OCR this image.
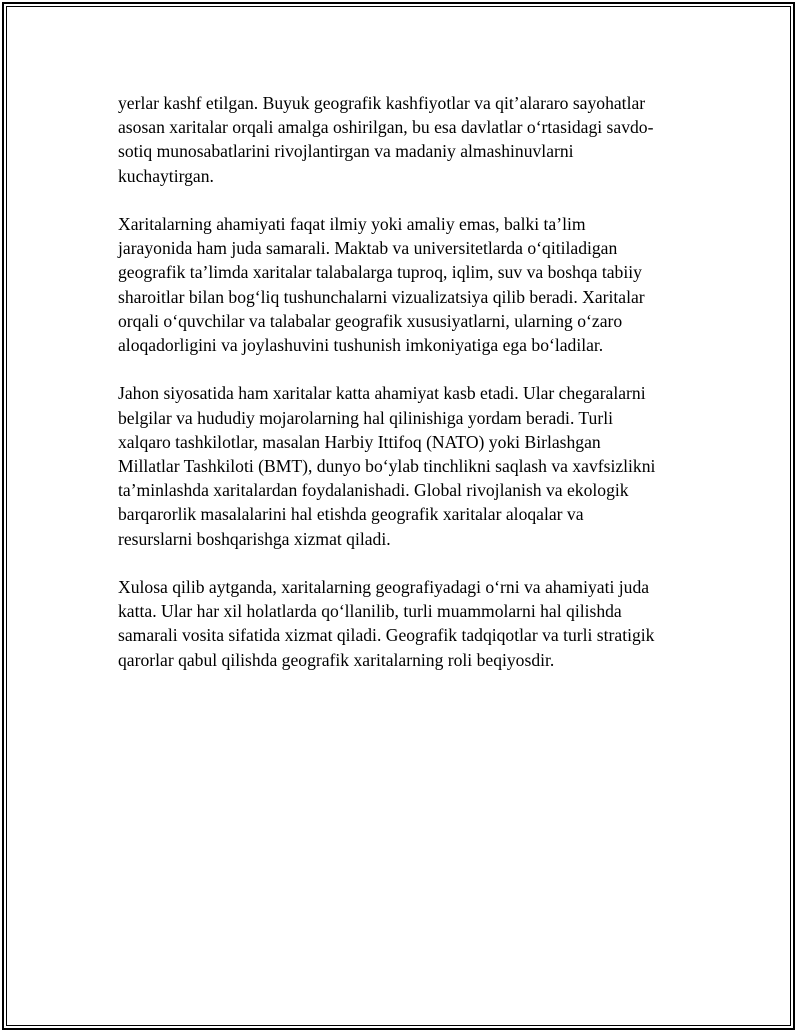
yerlar kashf etilgan. Buyuk geografik kashfiyotlar va qit’alararo sayohatlar
asosan xaritalar orqali amalga oshirilgan, bu esa davlatlar o‘rtasidagi savdo-
sotiq munosabatlarini rivojlantirgan va madaniy almashinuvlarni
kuchaytirgan.

Xaritalarning ahamiyati faqat ilmiy yoki amaliy emas, balki ta’lim
jarayonida ham juda samarali. Maktab va universitetlarda o‘qitiladigan
geografik ta’limda xaritalar talabalarga tuproq, iqlim, suv va boshqa tabiiy
sharoitlar bilan bog‘liq tushunchalarni vizualizatsiya qilib beradi. Xaritalar
orqali o‘quvchilar va talabalar geografik xususiyatlarni, ularning o‘zaro
aloqadorligini va joylashuvini tushunish imkoniyatiga ega bo‘ladilar.

Jahon siyosatida ham xaritalar katta ahamiyat kasb etadi. Ular chegaralarni
belgilar va hududiy mojarolarning hal qilinishiga yordam beradi. Turli
xalqaro tashkilotlar, masalan Harbiy Ittifoq (NATO) yoki Birlashgan
Millatlar Tashkiloti (BMT), dunyo bo‘ylab tinchlikni saqlash va xavfsizlikni
ta’minlashda xaritalardan foydalanishadi. Global rivojlanish va ekologik
barqarorlik masalalarini hal etishda geografik xaritalar aloqalar va
resurslarni boshqarishga xizmat qiladi.

Xulosa qilib aytganda, xaritalarning geografiyadagi o‘rni va ahamiyati juda
katta. Ular har xil holatlarda qo‘llanilib, turli muammolarni hal qilishda
samarali vosita sifatida xizmat qiladi. Geografik tadqiqotlar va turli stratigik
qarorlar qabul qilishda geografik xaritalarning roli beqiyosdir.
